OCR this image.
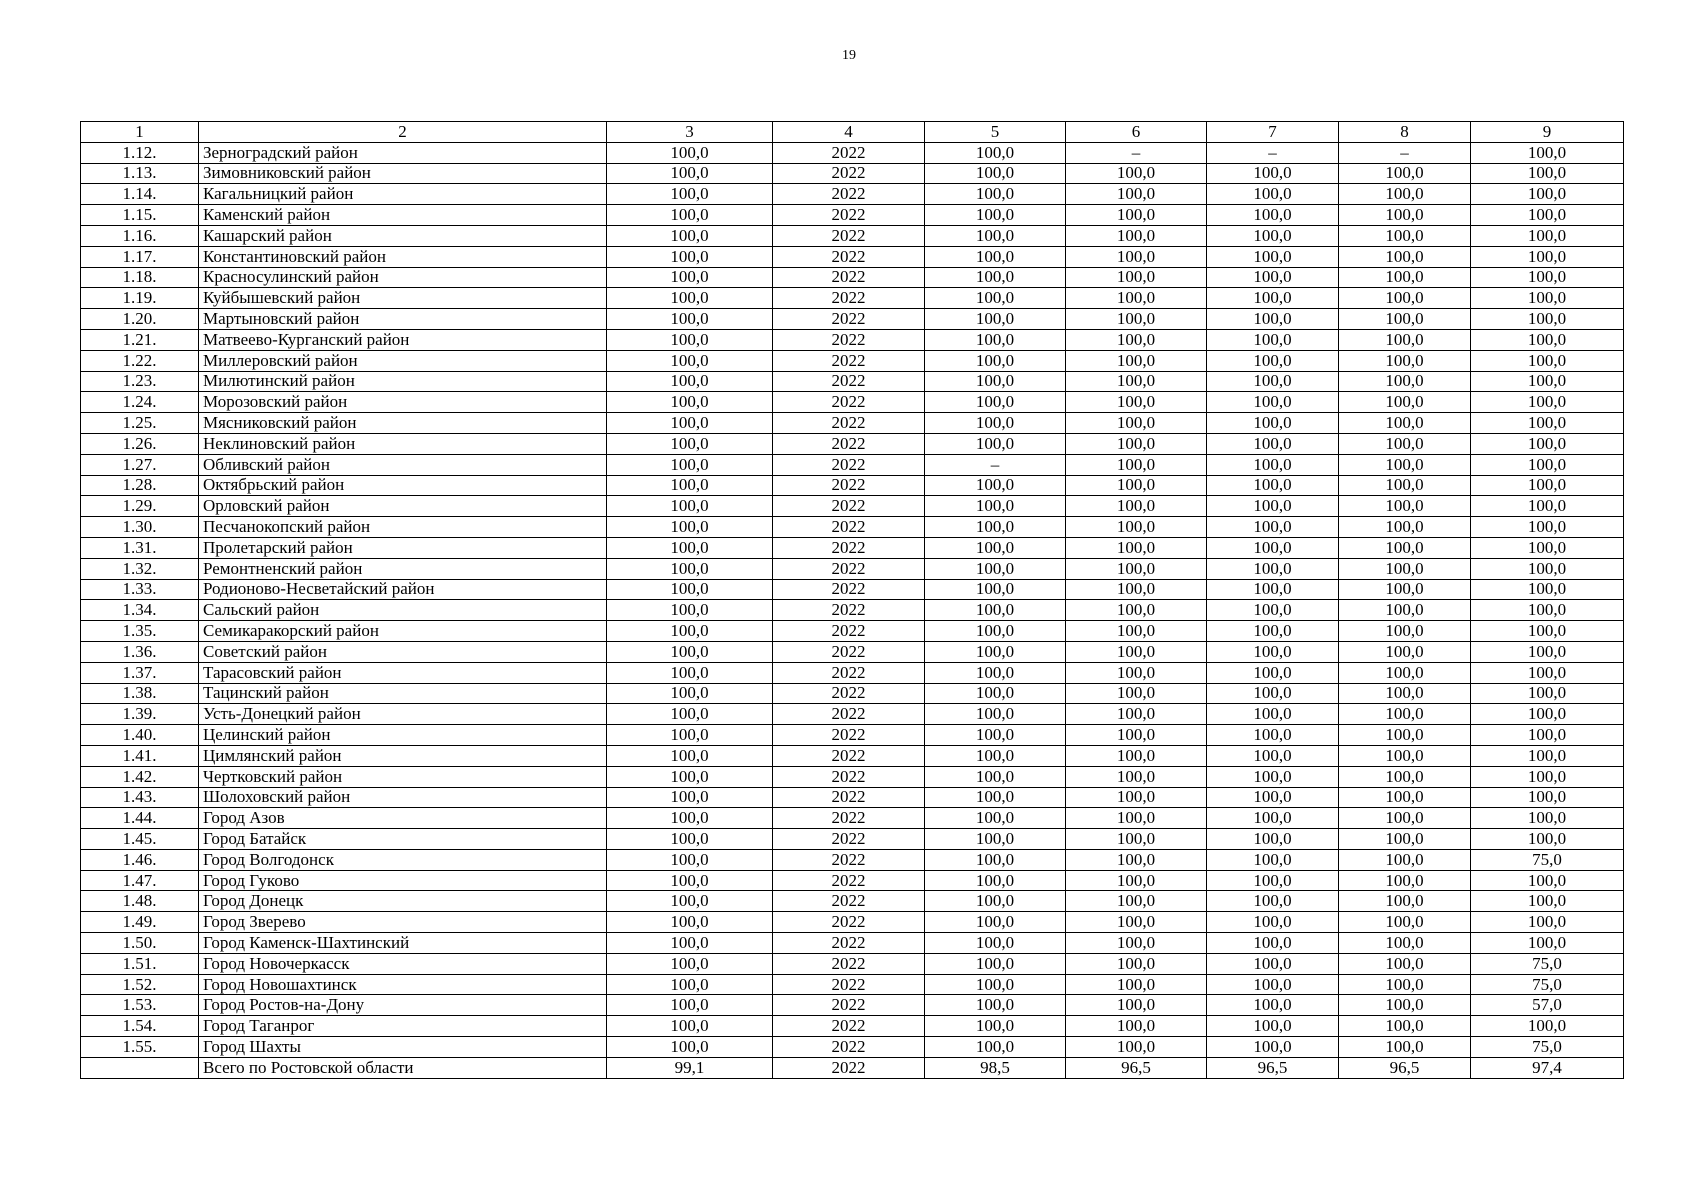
19
1	2	3	4	5	6	7	8	9
1.12.	Зерноградский район	100,0	2022	100,0	–	–	–	100,0
1.13.	Зимовниковский район	100,0	2022	100,0	100,0	100,0	100,0	100,0
1.14.	Кагальницкий район	100,0	2022	100,0	100,0	100,0	100,0	100,0
1.15.	Каменский район	100,0	2022	100,0	100,0	100,0	100,0	100,0
1.16.	Кашарский район	100,0	2022	100,0	100,0	100,0	100,0	100,0
1.17.	Константиновский район	100,0	2022	100,0	100,0	100,0	100,0	100,0
1.18.	Красносулинский район	100,0	2022	100,0	100,0	100,0	100,0	100,0
1.19.	Куйбышевский район	100,0	2022	100,0	100,0	100,0	100,0	100,0
1.20.	Мартыновский район	100,0	2022	100,0	100,0	100,0	100,0	100,0
1.21.	Матвеево-Курганский район	100,0	2022	100,0	100,0	100,0	100,0	100,0
1.22.	Миллеровский район	100,0	2022	100,0	100,0	100,0	100,0	100,0
1.23.	Милютинский район	100,0	2022	100,0	100,0	100,0	100,0	100,0
1.24.	Морозовский район	100,0	2022	100,0	100,0	100,0	100,0	100,0
1.25.	Мясниковский район	100,0	2022	100,0	100,0	100,0	100,0	100,0
1.26.	Неклиновский район	100,0	2022	100,0	100,0	100,0	100,0	100,0
1.27.	Обливский район	100,0	2022	–	100,0	100,0	100,0	100,0
1.28.	Октябрьский район	100,0	2022	100,0	100,0	100,0	100,0	100,0
1.29.	Орловский район	100,0	2022	100,0	100,0	100,0	100,0	100,0
1.30.	Песчанокопский район	100,0	2022	100,0	100,0	100,0	100,0	100,0
1.31.	Пролетарский район	100,0	2022	100,0	100,0	100,0	100,0	100,0
1.32.	Ремонтненский район	100,0	2022	100,0	100,0	100,0	100,0	100,0
1.33.	Родионово-Несветайский район	100,0	2022	100,0	100,0	100,0	100,0	100,0
1.34.	Сальский район	100,0	2022	100,0	100,0	100,0	100,0	100,0
1.35.	Семикаракорский район	100,0	2022	100,0	100,0	100,0	100,0	100,0
1.36.	Советский район	100,0	2022	100,0	100,0	100,0	100,0	100,0
1.37.	Тарасовский район	100,0	2022	100,0	100,0	100,0	100,0	100,0
1.38.	Тацинский район	100,0	2022	100,0	100,0	100,0	100,0	100,0
1.39.	Усть-Донецкий район	100,0	2022	100,0	100,0	100,0	100,0	100,0
1.40.	Целинский район	100,0	2022	100,0	100,0	100,0	100,0	100,0
1.41.	Цимлянский район	100,0	2022	100,0	100,0	100,0	100,0	100,0
1.42.	Чертковский район	100,0	2022	100,0	100,0	100,0	100,0	100,0
1.43.	Шолоховский район	100,0	2022	100,0	100,0	100,0	100,0	100,0
1.44.	Город Азов	100,0	2022	100,0	100,0	100,0	100,0	100,0
1.45.	Город Батайск	100,0	2022	100,0	100,0	100,0	100,0	100,0
1.46.	Город Волгодонск	100,0	2022	100,0	100,0	100,0	100,0	75,0
1.47.	Город Гуково	100,0	2022	100,0	100,0	100,0	100,0	100,0
1.48.	Город Донецк	100,0	2022	100,0	100,0	100,0	100,0	100,0
1.49.	Город Зверево	100,0	2022	100,0	100,0	100,0	100,0	100,0
1.50.	Город Каменск-Шахтинский	100,0	2022	100,0	100,0	100,0	100,0	100,0
1.51.	Город Новочеркасск	100,0	2022	100,0	100,0	100,0	100,0	75,0
1.52.	Город Новошахтинск	100,0	2022	100,0	100,0	100,0	100,0	75,0
1.53.	Город Ростов-на-Дону	100,0	2022	100,0	100,0	100,0	100,0	57,0
1.54.	Город Таганрог	100,0	2022	100,0	100,0	100,0	100,0	100,0
1.55.	Город Шахты	100,0	2022	100,0	100,0	100,0	100,0	75,0
	Всего по Ростовской области	99,1	2022	98,5	96,5	96,5	96,5	97,4
